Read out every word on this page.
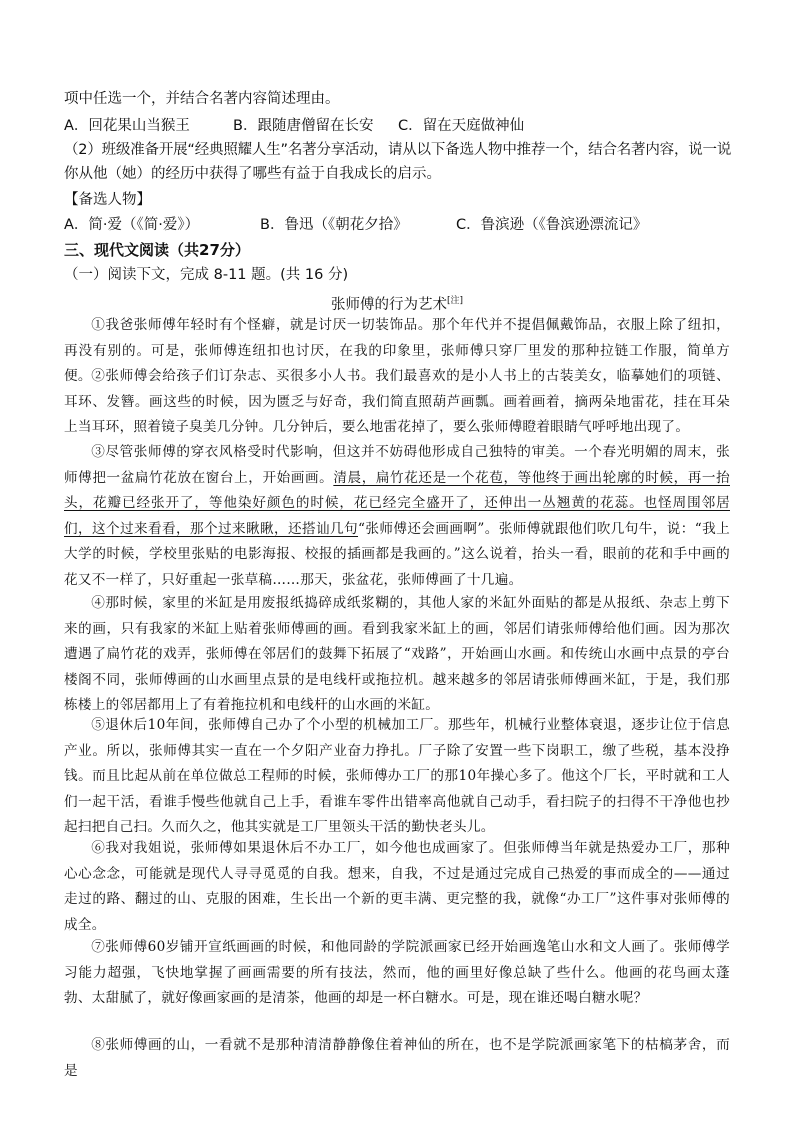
项中任选一个，并结合名著内容简述理由。
A．回花果山当猴王	B．跟随唐僧留在长安 C．留在天庭做神仙
（2）班级准备开展“经典照耀人生”名著分享活动，请从以下备选人物中推荐一个，结合名著内容，说一说
你从他（她）的经历中获得了哪些有益于自我成长的启示。
【备选人物】
A．简·爱（《简·爱》）	B．鲁迅（《朝花夕拾》	C．鲁滨逊（《鲁滨逊漂流记》
三、现代文阅读（共27分）
（一）阅读下文，完成 8-11 题。(共 16 分)
张师傅的行为艺术[注]
①我爸张师傅年轻时有个怪癖，就是讨厌一切装饰品。那个年代并不提倡佩戴饰品，衣服上除了纽扣，再没有别的。可是，张师傅连纽扣也讨厌，在我的印象里，张师傅只穿厂里发的那种拉链工作服，简单方便。 ②张师傅会给孩子们订杂志、买很多小人书。我们最喜欢的是小人书上的古装美女，临摹她们的项链、耳环、发簪。画这些的时候，因为匮乏与好奇，我们简直照葫芦画瓢。画着画着，摘两朵地雷花，挂在耳朵上当耳环，照着镜子臭美几分钟。几分钟后，要么地雷花掉了，要么张师傅瞪着眼睛气呼呼地出现了。
③尽管张师傅的穿衣风格受时代影响，但这并不妨碍他形成自己独特的审美。一个春光明媚的周末，张师傅把一盆扁竹花放在窗台上，开始画画。清晨，扁竹花还是一个花苞，等他终于画出轮廓的时候，再一抬头，花瓣已经张开了，等他染好颜色的时候，花已经完全盛开了，还伸出一丛翘黄的花蕊。也怪周围邻居们，这个过来看看，那个过来瞅瞅，还搭讪几句“张师傅还会画画啊”。张师傅就跟他们吹几句牛，说：“我上大学的时候，学校里张贴的电影海报、校报的插画都是我画的。”这么说着，抬头一看，眼前的花和手中画的花又不一样了，只好重起一张草稿……那天，张盆花，张师傅画了十几遍。
④那时候，家里的米缸是用废报纸捣碎成纸浆糊的，其他人家的米缸外面贴的都是从报纸、杂志上剪下来的画，只有我家的米缸上贴着张师傅画的画。看到我家米缸上的画，邻居们请张师傅给他们画。因为那次遭遇了扁竹花的戏弄，张师傅在邻居们的鼓舞下拓展了“戏路”，开始画山水画。和传统山水画中点景的亭台楼阁不同，张师傅画的山水画里点景的是电线杆或拖拉机。越来越多的邻居请张师傅画米缸，于是，我们那栋楼上的邻居都用上了有着拖拉机和电线杆的山水画的米缸。
⑤退休后10年间，张师傅自己办了个小型的机械加工厂。那些年，机械行业整体衰退，逐步让位于信息产业。所以，张师傅其实一直在一个夕阳产业奋力挣扎。厂子除了安置一些下岗职工，缴了些税，基本没挣钱。而且比起从前在单位做总工程师的时候，张师傅办工厂的那10年操心多了。他这个厂长，平时就和工人们一起干活，看谁手慢些他就自己上手，看谁车零件出错率高他就自己动手，看扫院子的扫得不干净他也抄起扫把自己扫。久而久之，他其实就是工厂里领头干活的勤快老头儿。
⑥我对我姐说，张师傅如果退休后不办工厂，如今他也成画家了。但张师傅当年就是热爱办工厂，那种心心念念，可能就是现代人寻寻觅觅的自我。想来，自我，不过是通过完成自己热爱的事而成全的——通过走过的路、翻过的山、克服的困难，生长出一个新的更丰满、更完整的我，就像“办工厂”这件事对张师傅的成全。
⑦张师傅60岁铺开宣纸画画的时候，和他同龄的学院派画家已经开始画逸笔山水和文人画了。张师傅学习能力超强，飞快地掌握了画画需要的所有技法，然而，他的画里好像总缺了些什么。他画的花鸟画太蓬勃、太甜腻了，就好像画家画的是清茶，他画的却是一杯白糖水。可是，现在谁还喝白糖水呢？
⑧张师傅画的山，一看就不是那种清清静静像住着神仙的所在，也不是学院派画家笔下的枯槁茅舍，而是
